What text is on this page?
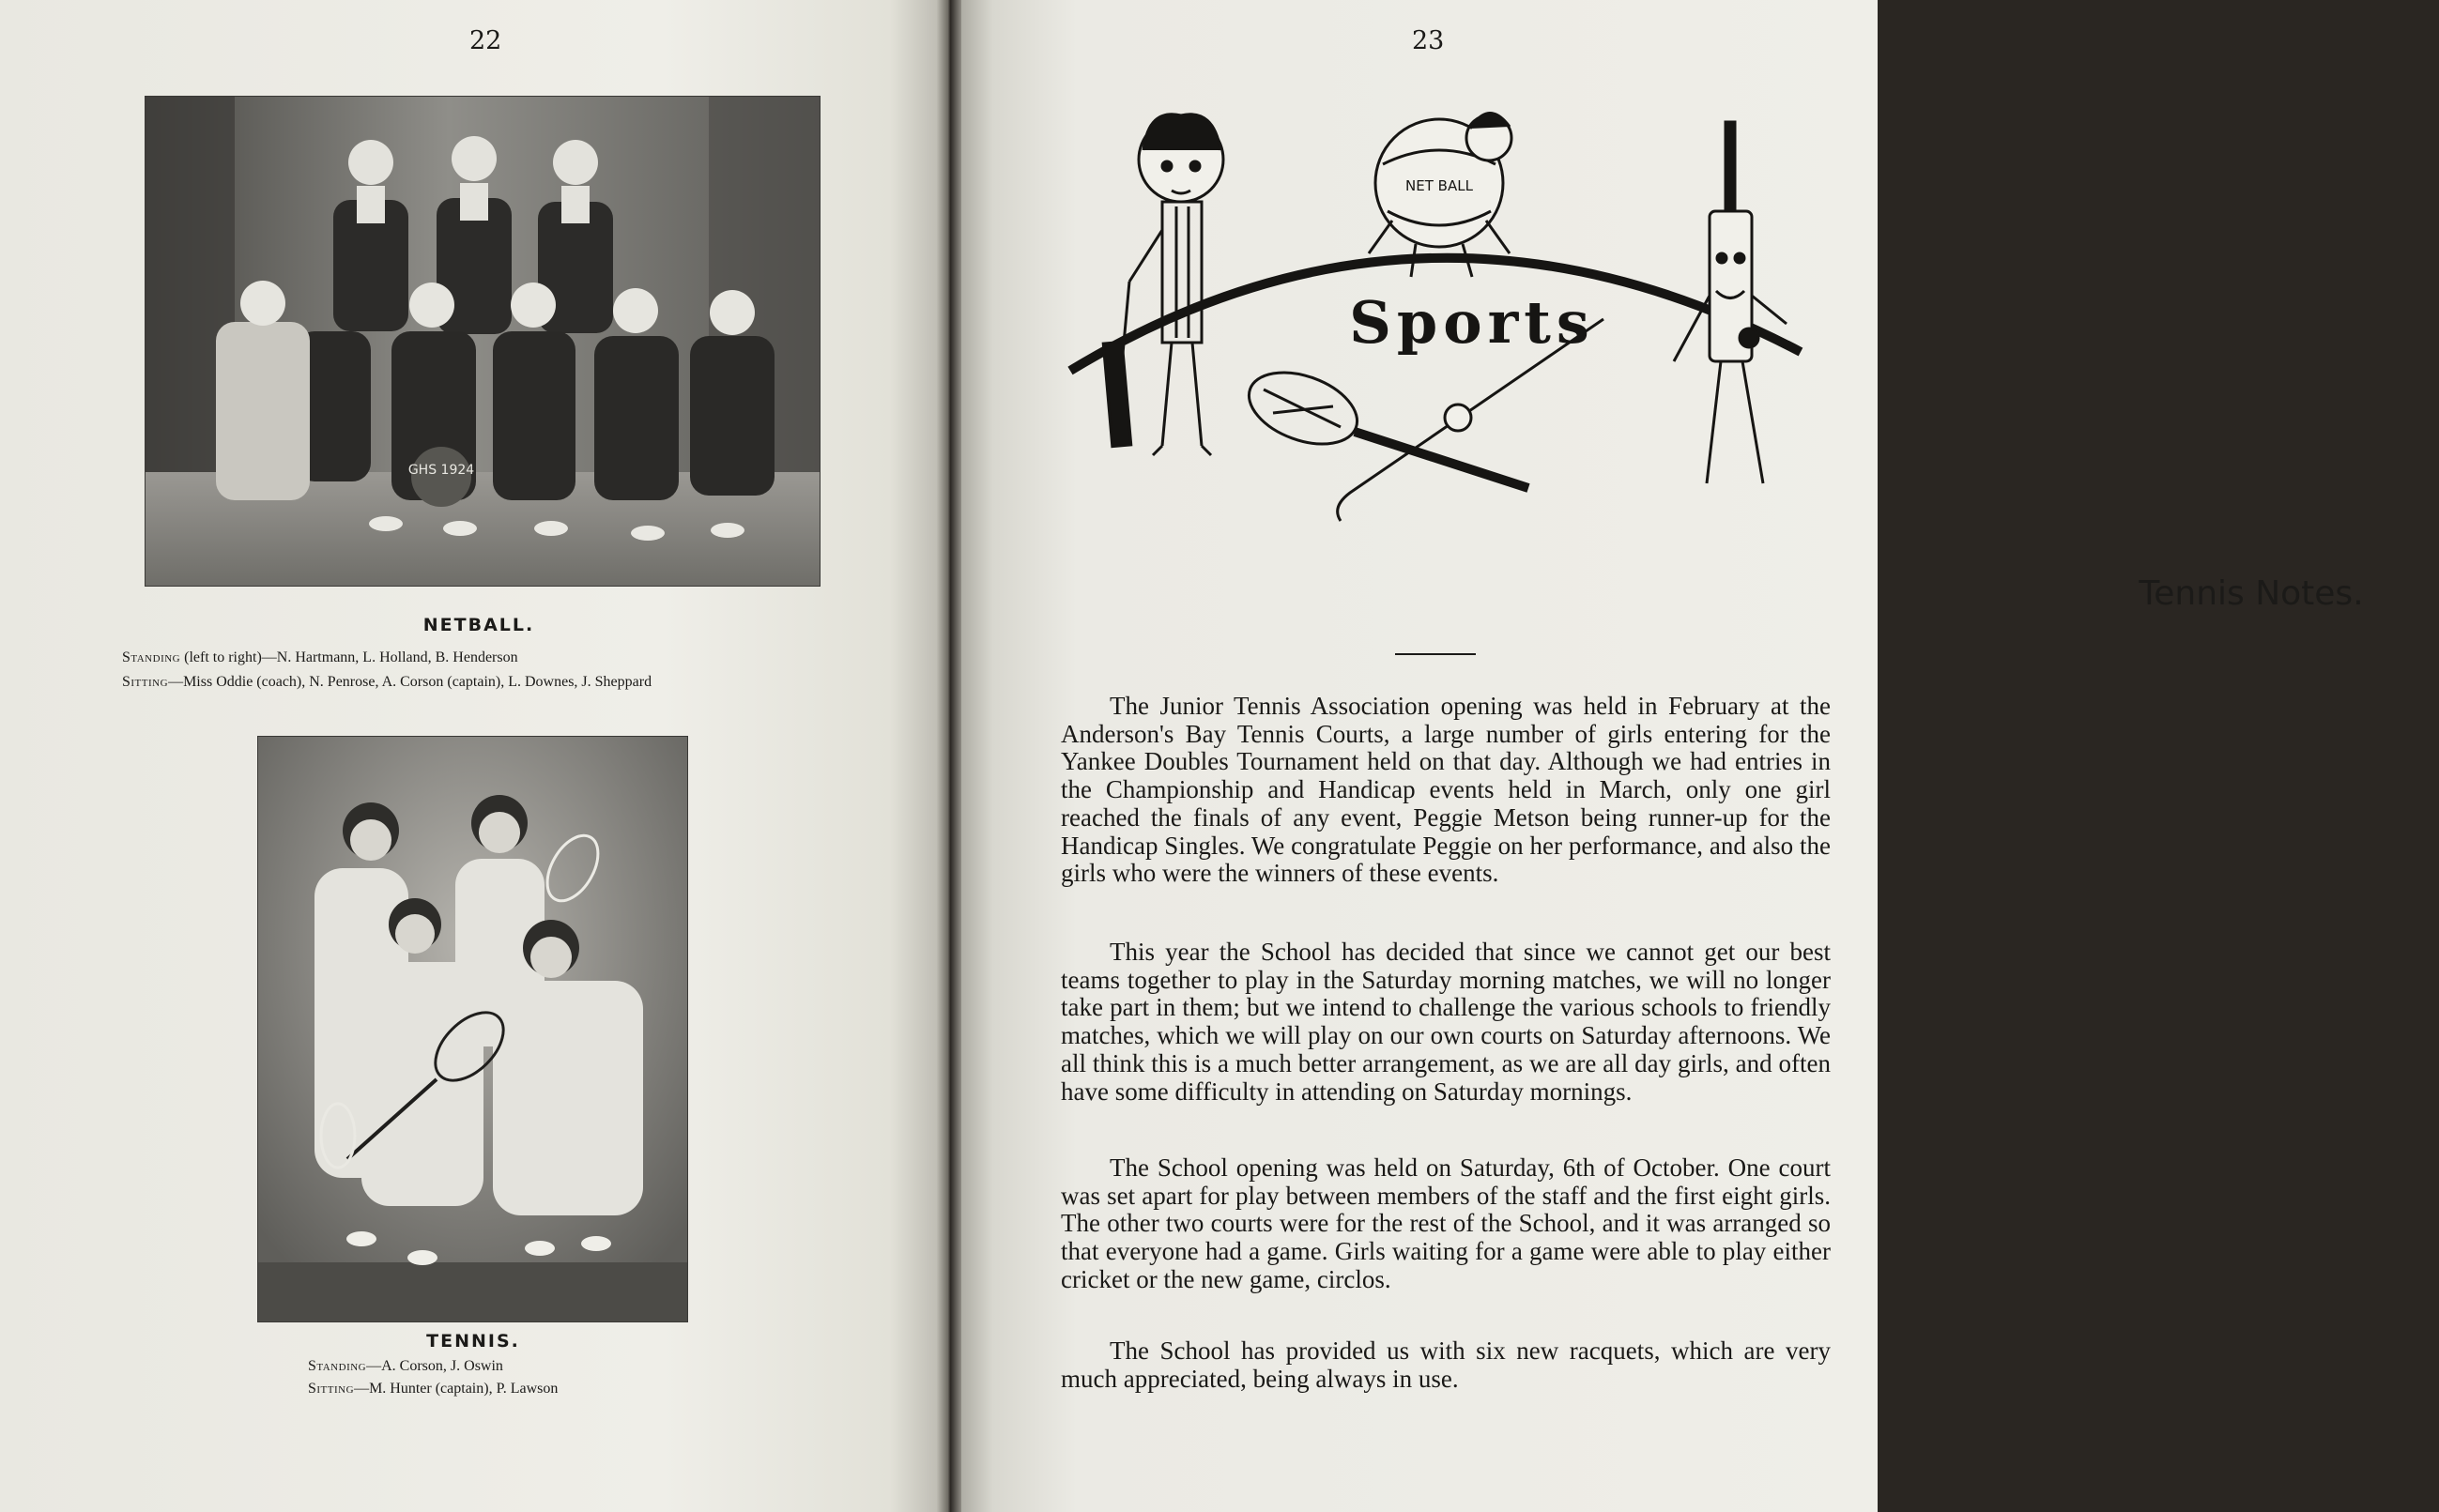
22
GHS 1924
NETBALL.
Standing (left to right)—N. Hartmann, L. Holland, B. Henderson
Sitting—Miss Oddie (coach), N. Penrose, A. Corson (captain), L. Downes, J. Sheppard
TENNIS.
Standing—A. Corson, J. Oswin
Sitting—M. Hunter (captain), P. Lawson
23
NET BALL
Sports
Tennis Notes.
The Junior Tennis Association opening was held in February at the Anderson's Bay Tennis Courts, a large number of girls entering for the Yankee Doubles Tournament held on that day. Although we had entries in the Championship and Handicap events held in March, only one girl reached the finals of any event, Peggie Metson being runner-up for the Handicap Singles. We congratulate Peggie on her performance, and also the girls who were the winners of these events.
This year the School has decided that since we cannot get our best teams together to play in the Saturday morning matches, we will no longer take part in them; but we intend to challenge the various schools to friendly matches, which we will play on our own courts on Saturday afternoons. We all think this is a much better arrangement, as we are all day girls, and often have some difficulty in attending on Saturday mornings.
The School opening was held on Saturday, 6th of October. One court was set apart for play between members of the staff and the first eight girls. The other two courts were for the rest of the School, and it was arranged so that everyone had a game. Girls waiting for a game were able to play either cricket or the new game, circlos.
The School has provided us with six new racquets, which are very much appreciated, being always in use.
